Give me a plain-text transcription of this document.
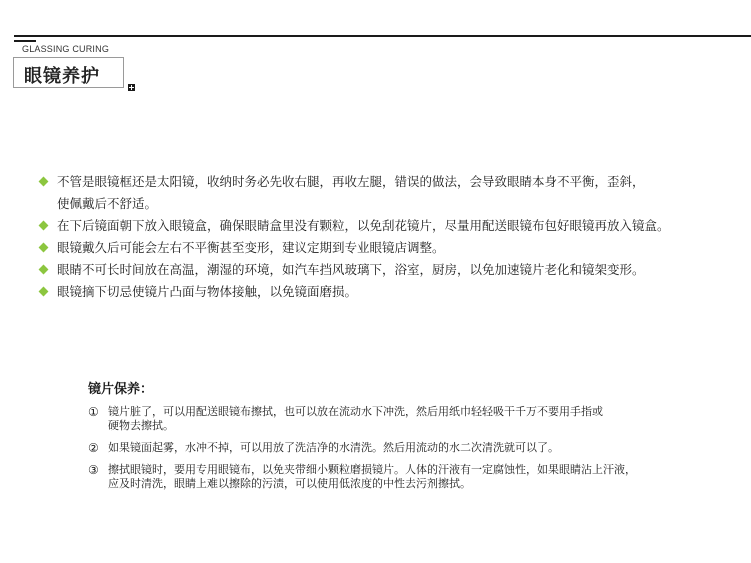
GLASSING CURING
眼镜养护
不管是眼镜框还是太阳镜，收纳时务必先收右腿，再收左腿，错误的做法，会导致眼睛本身不平衡，歪斜，
使佩戴后不舒适。
在下后镜面朝下放入眼镜盒，确保眼睛盒里没有颗粒，以免刮花镜片，尽量用配送眼镜布包好眼镜再放入镜盒。
眼镜戴久后可能会左右不平衡甚至变形，建议定期到专业眼镜店调整。
眼睛不可长时间放在高温，潮湿的环境，如汽车挡风玻璃下，浴室，厨房，以免加速镜片老化和镜架变形。
眼镜摘下切忌使镜片凸面与物体接触，以免镜面磨损。
镜片保养：
① 镜片脏了，可以用配送眼镜布擦拭，也可以放在流动水下冲洗，然后用纸巾轻轻吸干千万不要用手指或
硬物去擦拭。
② 如果镜面起雾，水冲不掉，可以用放了洗洁净的水清洗。然后用流动的水二次清洗就可以了。
③ 擦拭眼镜时，要用专用眼镜布，以免夹带细小颗粒磨损镜片。人体的汗液有一定腐蚀性，如果眼睛沾上汗液，
应及时清洗，眼睛上难以擦除的污渍，可以使用低浓度的中性去污剂擦拭。
